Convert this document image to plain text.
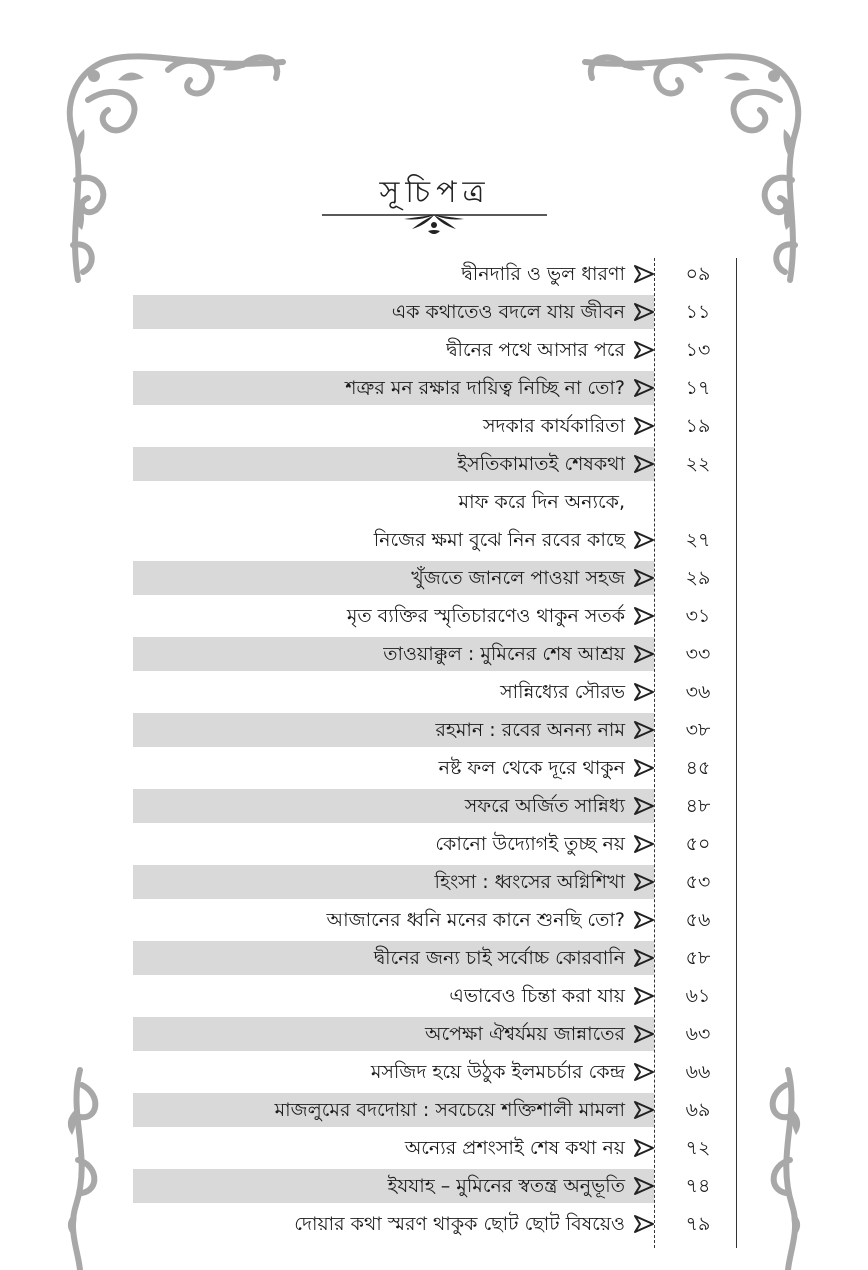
সূচিপত্র
দ্বীনদারি ও ভুল ধারণা	০৯
এক কথাতেও বদলে যায় জীবন	১১
দ্বীনের পথে আসার পরে	১৩
শত্রুর মন রক্ষার দায়িত্ব নিচ্ছি না তো?	১৭
সদকার কার্যকারিতা	১৯
ইসতিকামাতই শেষকথা	২২
মাফ করে দিন অন্যকে,
নিজের ক্ষমা বুঝে নিন রবের কাছে	২৭
খুঁজতে জানলে পাওয়া সহজ	২৯
মৃত ব্যক্তির স্মৃতিচারণেও থাকুন সতর্ক	৩১
তাওয়াক্কুল : মুমিনের শেষ আশ্রয়	৩৩
সান্নিধ্যের সৌরভ	৩৬
রহমান : রবের অনন্য নাম	৩৮
নষ্ট ফল থেকে দূরে থাকুন	৪৫
সফরে অর্জিত সান্নিধ্য	৪৮
কোনো উদ্যোগই তুচ্ছ নয়	৫০
হিংসা : ধ্বংসের অগ্নিশিখা	৫৩
আজানের ধ্বনি মনের কানে শুনছি তো?	৫৬
দ্বীনের জন্য চাই সর্বোচ্চ কোরবানি	৫৮
এভাবেও চিন্তা করা যায়	৬১
অপেক্ষা ঐশ্বর্যময় জান্নাতের	৬৩
মসজিদ হয়ে উঠুক ইলমচর্চার কেন্দ্র	৬৬
মাজলুমের বদদোয়া : সবচেয়ে শক্তিশালী মামলা	৬৯
অন্যের প্রশংসাই শেষ কথা নয়	৭২
ইযযাহ – মুমিনের স্বতন্ত্র অনুভূতি	৭৪
দোয়ার কথা স্মরণ থাকুক ছোট ছোট বিষয়েও	৭৯
